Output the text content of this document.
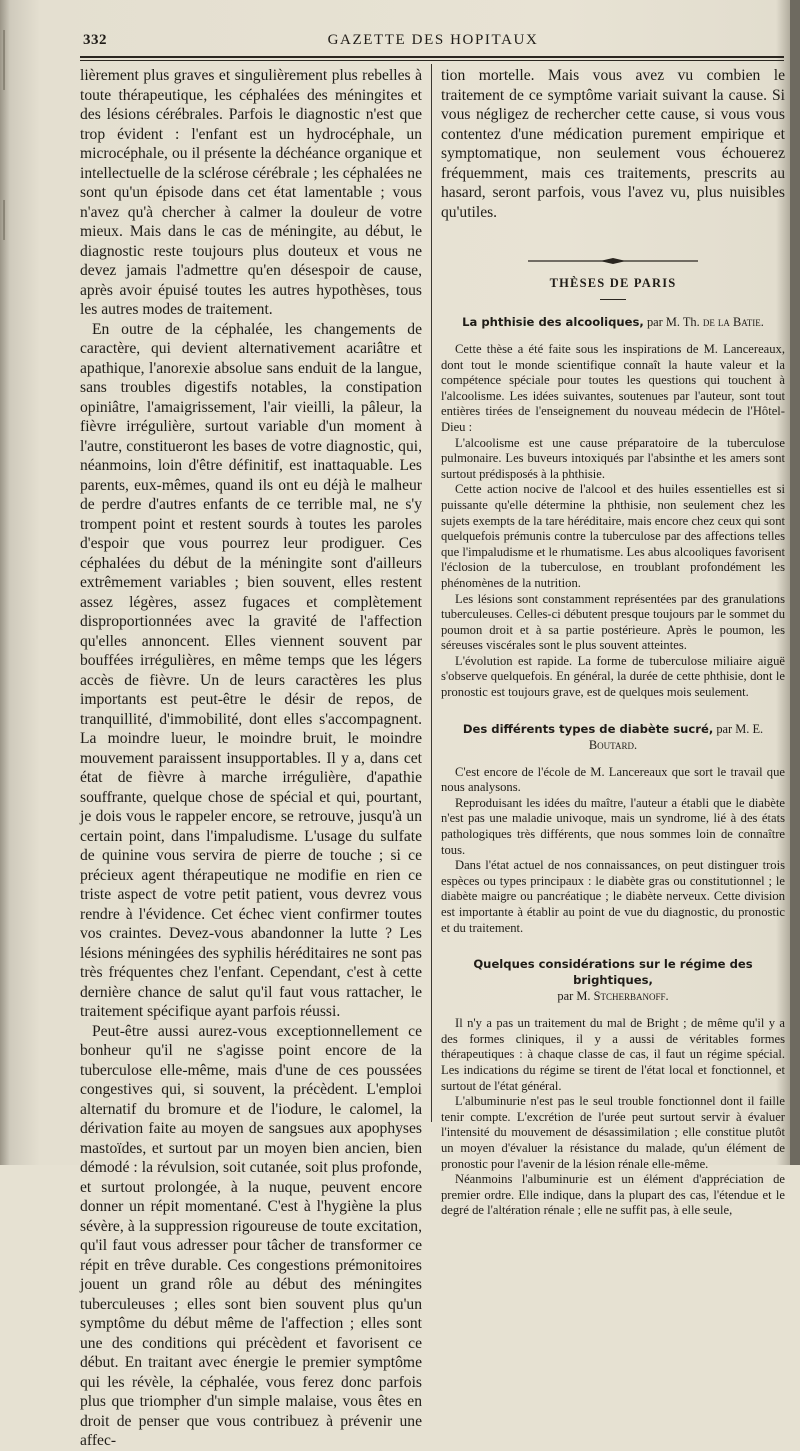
332	GAZETTE DES HOPITAUX

lièrement plus graves et singulièrement plus rebelles à toute thérapeutique, les céphalées des méningites et des lésions cérébrales. Parfois le diagnostic n'est que trop évident : l'enfant est un hydrocéphale, un microcéphale, ou il présente la déchéance organique et intellectuelle de la sclérose cérébrale ; les céphalées ne sont qu'un épisode dans cet état lamentable ; vous n'avez qu'à chercher à calmer la douleur de votre mieux. Mais dans le cas de méningite, au début, le diagnostic reste toujours plus douteux et vous ne devez jamais l'admettre qu'en désespoir de cause, après avoir épuisé toutes les autres hypothèses, tous les autres modes de traitement.

En outre de la céphalée, les changements de caractère, qui devient alternativement acariâtre et apathique, l'anorexie absolue sans enduit de la langue, sans troubles digestifs notables, la constipation opiniâtre, l'amaigrissement, l'air vieilli, la pâleur, la fièvre irrégulière, surtout variable d'un moment à l'autre, constitueront les bases de votre diagnostic, qui, néanmoins, loin d'être définitif, est inattaquable. Les parents, eux-mêmes, quand ils ont eu déjà le malheur de perdre d'autres enfants de ce terrible mal, ne s'y trompent point et restent sourds à toutes les paroles d'espoir que vous pourrez leur prodiguer. Ces céphalées du début de la méningite sont d'ailleurs extrêmement variables ; bien souvent, elles restent assez légères, assez fugaces et complètement disproportionnées avec la gravité de l'affection qu'elles annoncent. Elles viennent souvent par bouffées irrégulières, en même temps que les légers accès de fièvre. Un de leurs caractères les plus importants est peut-être le désir de repos, de tranquillité, d'immobilité, dont elles s'accompagnent. La moindre lueur, le moindre bruit, le moindre mouvement paraissent insupportables. Il y a, dans cet état de fièvre à marche irrégulière, d'apathie souffrante, quelque chose de spécial et qui, pourtant, je dois vous le rappeler encore, se retrouve, jusqu'à un certain point, dans l'impaludisme. L'usage du sulfate de quinine vous servira de pierre de touche ; si ce précieux agent thérapeutique ne modifie en rien ce triste aspect de votre petit patient, vous devrez vous rendre à l'évidence. Cet échec vient confirmer toutes vos craintes. Devez-vous abandonner la lutte ? Les lésions méningées des syphilis héréditaires ne sont pas très fréquentes chez l'enfant. Cependant, c'est à cette dernière chance de salut qu'il faut vous rattacher, le traitement spécifique ayant parfois réussi.

Peut-être aussi aurez-vous exceptionnellement ce bonheur qu'il ne s'agisse point encore de la tuberculose elle-même, mais d'une de ces poussées congestives qui, si souvent, la précèdent. L'emploi alternatif du bromure et de l'iodure, le calomel, la dérivation faite au moyen de sangsues aux apophyses mastoïdes, et surtout par un moyen bien ancien, bien démodé : la révulsion, soit cutanée, soit plus profonde, et surtout prolongée, à la nuque, peuvent encore donner un répit momentané. C'est à l'hygiène la plus sévère, à la suppression rigoureuse de toute excitation, qu'il faut vous adresser pour tâcher de transformer ce répit en trêve durable. Ces congestions prémonitoires jouent un grand rôle au début des méningites tuberculeuses ; elles sont bien souvent plus qu'un symptôme du début même de l'affection ; elles sont une des conditions qui précèdent et favorisent ce début. En traitant avec énergie le premier symptôme qui les révèle, la céphalée, vous ferez donc parfois plus que triompher d'un simple malaise, vous êtes en droit de penser que vous contribuez à prévenir une affec-

tion mortelle. Mais vous avez vu combien le traitement de ce symptôme variait suivant la cause. Si vous négligez de rechercher cette cause, si vous vous contentez d'une médication purement empirique et symptomatique, non seulement vous échouerez fréquemment, mais ces traitements, prescrits au hasard, seront parfois, vous l'avez vu, plus nuisibles qu'utiles.

THÈSES DE PARIS
La phthisie des alcooliques, par M. Th. de la Batie.

Cette thèse a été faite sous les inspirations de M. Lancereaux, dont tout le monde scientifique connaît la haute valeur et la compétence spéciale pour toutes les questions qui touchent à l'alcoolisme. Les idées suivantes, soutenues par l'auteur, sont tout entières tirées de l'enseignement du nouveau médecin de l'Hôtel-Dieu :

L'alcoolisme est une cause préparatoire de la tuberculose pulmonaire. Les buveurs intoxiqués par l'absinthe et les amers sont surtout prédisposés à la phthisie.

Cette action nocive de l'alcool et des huiles essentielles est si puissante qu'elle détermine la phthisie, non seulement chez les sujets exempts de la tare héréditaire, mais encore chez ceux qui sont quelquefois prémunis contre la tuberculose par des affections telles que l'impaludisme et le rhumatisme. Les abus alcooliques favorisent l'éclosion de la tuberculose, en troublant profondément les phénomènes de la nutrition.

Les lésions sont constamment représentées par des granulations tuberculeuses. Celles-ci débutent presque toujours par le sommet du poumon droit et à sa partie postérieure. Après le poumon, les séreuses viscérales sont le plus souvent atteintes.

L'évolution est rapide. La forme de tuberculose miliaire aiguë s'observe quelquefois. En général, la durée de cette phthisie, dont le pronostic est toujours grave, est de quelques mois seulement.

Des différents types de diabète sucré, par M. E. Boutard.

C'est encore de l'école de M. Lancereaux que sort le travail que nous analysons.

Reproduisant les idées du maître, l'auteur a établi que le diabète n'est pas une maladie univoque, mais un syndrome, lié à des états pathologiques très différents, que nous sommes loin de connaître tous.

Dans l'état actuel de nos connaissances, on peut distinguer trois espèces ou types principaux : le diabète gras ou constitutionnel ; le diabète maigre ou pancréatique ; le diabète nerveux. Cette division est importante à établir au point de vue du diagnostic, du pronostic et du traitement.

Quelques considérations sur le régime des brightiques,
par M. Stcherbanoff.

Il n'y a pas un traitement du mal de Bright ; de même qu'il y a des formes cliniques, il y a aussi de véritables formes thérapeutiques : à chaque classe de cas, il faut un régime spécial. Les indications du régime se tirent de l'état local et fonctionnel, et surtout de l'état général.

L'albuminurie n'est pas le seul trouble fonctionnel dont il faille tenir compte. L'excrétion de l'urée peut surtout servir à évaluer l'intensité du mouvement de désassimilation ; elle constitue plutôt un moyen d'évaluer la résistance du malade, qu'un élément de pronostic pour l'avenir de la lésion rénale elle-même.

Néanmoins l'albuminurie est un élément d'appréciation de premier ordre. Elle indique, dans la plupart des cas, l'étendue et le degré de l'altération rénale ; elle ne suffit pas, à elle seule,
